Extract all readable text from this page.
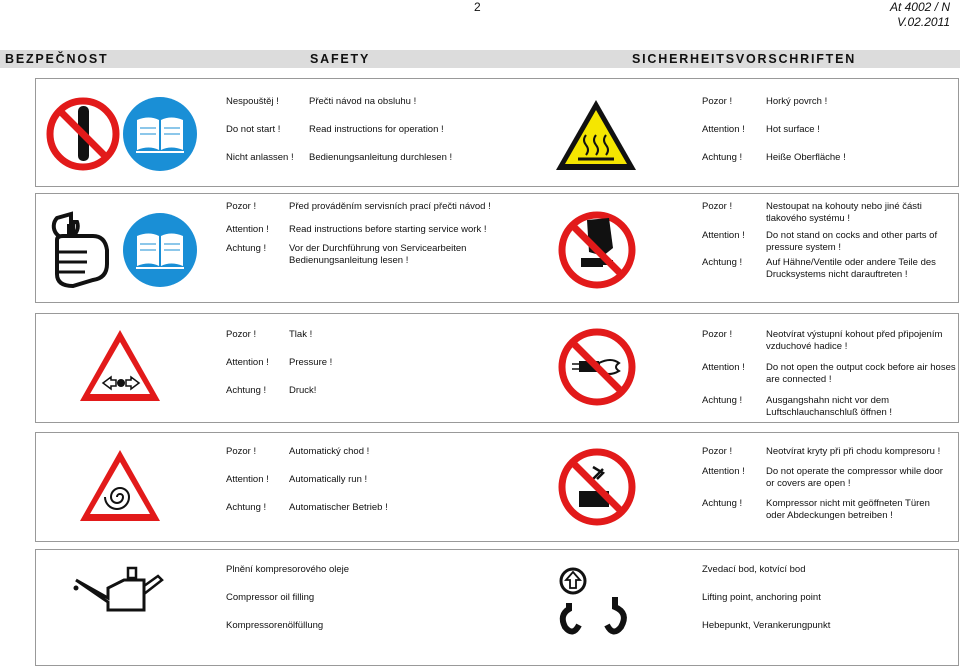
2	At 4002 / N
V.02.2011
BEZPEČNOST	SAFETY	SICHERHEITSVORSCHRIFTEN
Nespouštěj !	Přečti návod na obsluhu !
Do not start !	Read instructions for operation !
Nicht anlassen ! Bedienungsanleitung durchlesen !
Pozor !	Horký povrch !
Attention ! Hot surface !
Achtung !	Heiße Oberfläche !
Pozor !	Před prováděním servisních prací přečti návod !
Attention ! Read instructions before starting service work !
Achtung ! Vor der Durchführung von Servicearbeiten Bedienungsanleitung lesen !
Pozor !	Nestoupat na kohouty nebo jiné části tlakového systému !
Attention ! Do not stand on cocks and other parts of pressure system !
Achtung !	Auf Hähne/Ventile oder andere Teile des Drucksystems nicht darauftreten !
Pozor !	Tlak !
Attention ! Pressure !
Achtung ! Druck!
Pozor !	Neotvírat výstupní kohout před připojením vzduchové hadice !
Attention ! Do not open the output cock before air hoses are connected !
Achtung !	Ausgangshahn nicht vor dem Luftschlauchanschluß öffnen !
Pozor !	Automatický chod !
Attention ! Automatically run !
Achtung ! Automatischer Betrieb !
Pozor !	Neotvírat kryty při při chodu kompresoru !
Attention ! Do not operate the compressor while door or covers are open !
Achtung !	Kompressor nicht mit geöffneten Türen oder Abdeckungen betreiben !
Plnění kompresorového oleje
Compressor oil filling
Kompressorenölfüllung
Zvedací bod, kotvící bod
Lifting point, anchoring point
Hebepunkt, Verankerungpunkt
